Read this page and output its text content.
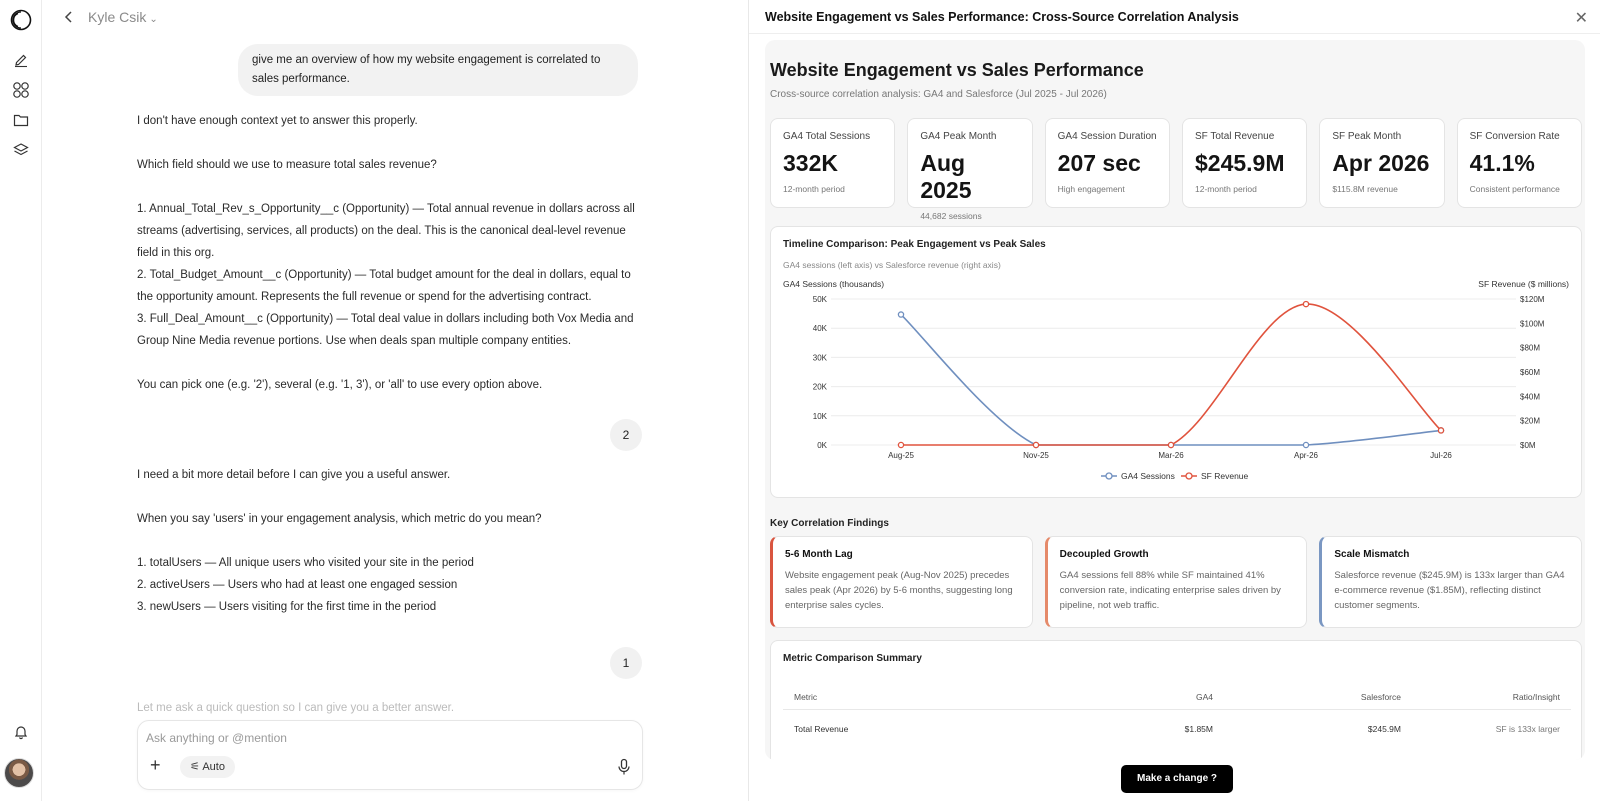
Kyle Csik ⌄
give me an overview of how my website engagement is correlated to sales performance.
I don't have enough context yet to answer this properly.

Which field should we use to measure total sales revenue?

1. Annual_Total_Rev_s_Opportunity__c (Opportunity) — Total annual revenue in dollars across all streams (advertising, services, all products) on the deal. This is the canonical deal-level revenue field in this org.
2. Total_Budget_Amount__c (Opportunity) — Total budget amount for the deal in dollars, equal to the opportunity amount. Represents the full revenue or spend for the advertising contract.
3. Full_Deal_Amount__c (Opportunity) — Total deal value in dollars including both Vox Media and Group Nine Media revenue portions. Use when deals span multiple company entities.

You can pick one (e.g. '2'), several (e.g. '1, 3'), or 'all' to use every option above.
2
I need a bit more detail before I can give you a useful answer.

When you say 'users' in your engagement analysis, which metric do you mean?

1. totalUsers — All unique users who visited your site in the period
2. activeUsers — Users who had at least one engaged session
3. newUsers — Users visiting for the first time in the period
1
Let me ask a quick question so I can give you a better answer.
Ask anything or @mention
+	⚟ Auto
Website Engagement vs Sales Performance: Cross-Source Correlation Analysis	✕
Website Engagement vs Sales Performance
Cross-source correlation analysis: GA4 and Salesforce (Jul 2025 - Jul 2026)
GA4 Total Sessions
332K
12-month period
GA4 Peak Month
Aug 2025
44,682 sessions
GA4 Session Duration
207 sec
High engagement
SF Total Revenue
$245.9M
12-month period
SF Peak Month
Apr 2026
$115.8M revenue
SF Conversion Rate
41.1%
Consistent performance
Timeline Comparison: Peak Engagement vs Peak Sales
GA4 sessions (left axis) vs Salesforce revenue (right axis)
GA4 Sessions (thousands)	SF Revenue ($ millions)
0K
10K
20K
30K
40K
50K
$0M
$20M
$40M
$60M
$80M
$100M
$120M
Aug-25	Nov-25	Mar-26	Apr-26	Jul-26
GA4 Sessions	SF Revenue
Key Correlation Findings
5-6 Month Lag
Website engagement peak (Aug-Nov 2025) precedes sales peak (Apr 2026) by 5-6 months, suggesting long enterprise sales cycles.
Decoupled Growth
GA4 sessions fell 88% while SF maintained 41% conversion rate, indicating enterprise sales driven by pipeline, not web traffic.
Scale Mismatch
Salesforce revenue ($245.9M) is 133x larger than GA4 e-commerce revenue ($1.85M), reflecting distinct customer segments.
Metric Comparison Summary
Metric	GA4	Salesforce	Ratio/Insight
Total Revenue	$1.85M	$245.9M	SF is 133x larger
Make a change ?
